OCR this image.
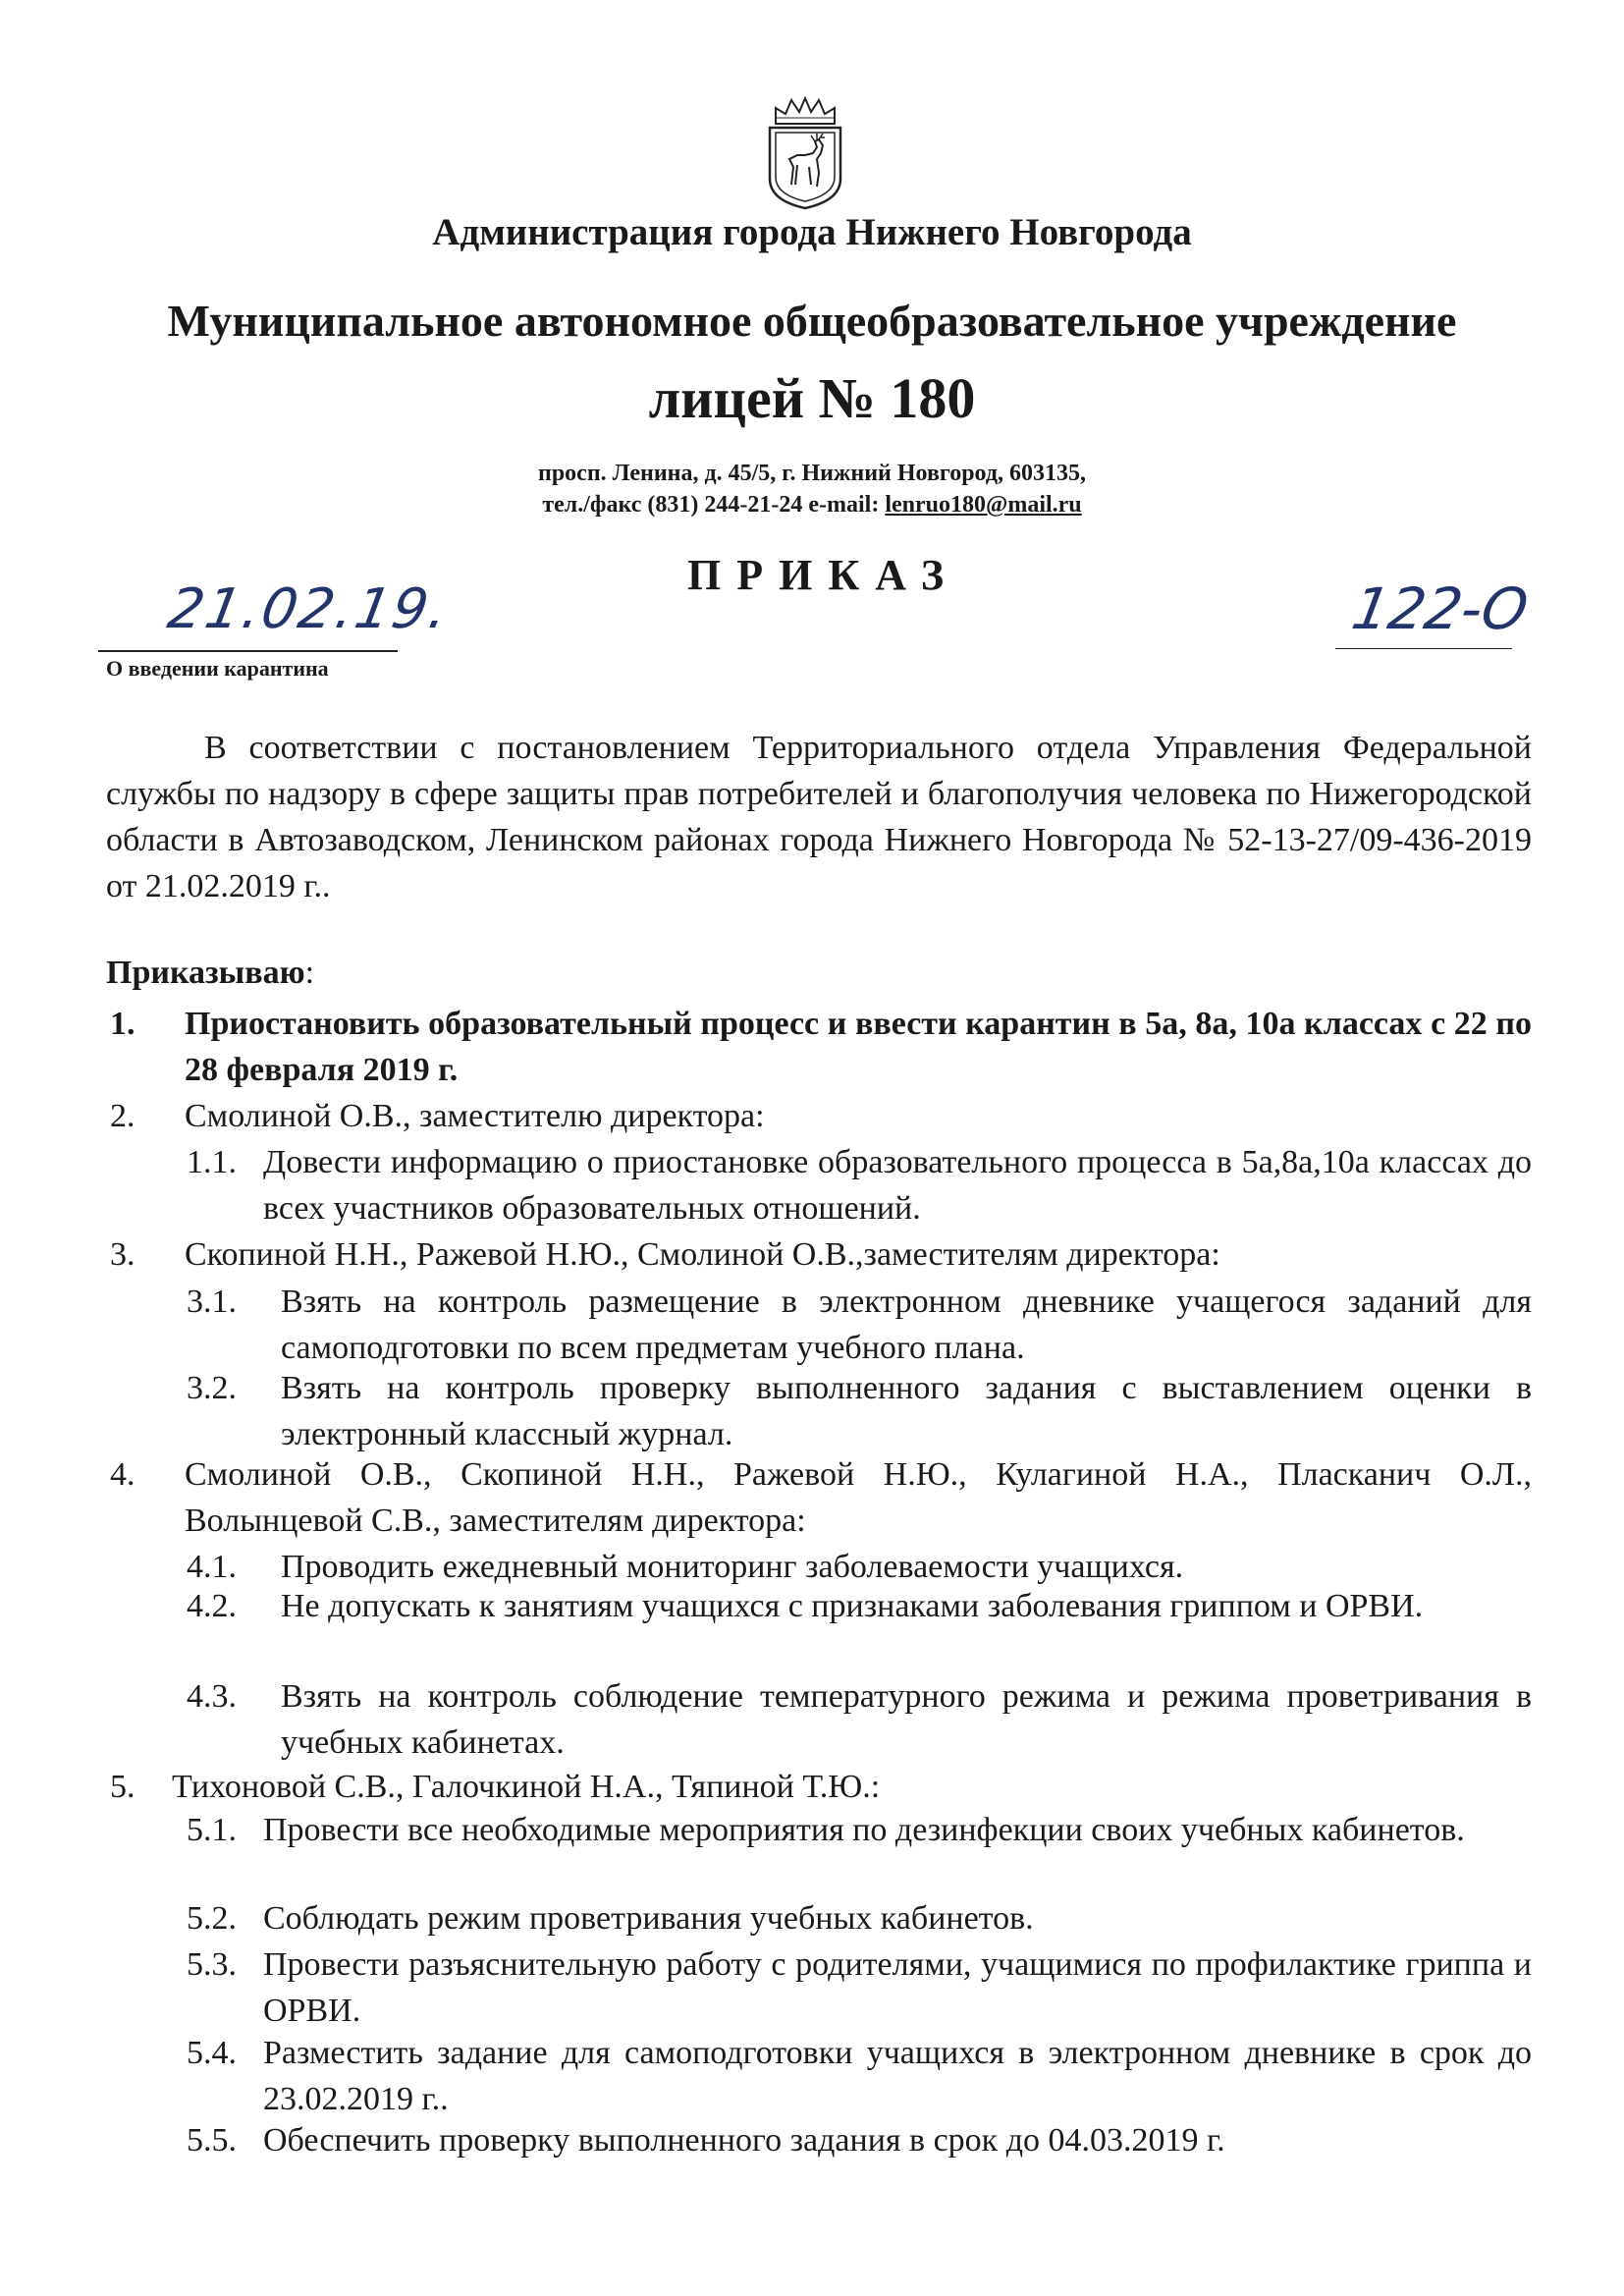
Администрация города Нижнего Новгорода
Муниципальное автономное общеобразовательное учреждение
лицей № 180
просп. Ленина, д. 45/5, г. Нижний Новгород, 603135,
тел./факс (831) 244-21-24 e-mail: lenruo180@mail.ru
ПРИКАЗ
21.02.19.	122-О
О введении карантина
В соответствии с постановлением Территориального отдела Управления Федеральной службы по надзору в сфере защиты прав потребителей и благополучия человека по Нижегородской области в Автозаводском, Ленинском районах города Нижнего Новгорода № 52-13-27/09-436-2019 от 21.02.2019 г..
Приказываю:
1. Приостановить образовательный процесс и ввести карантин в 5а, 8а, 10а классах с 22 по 28 февраля 2019 г.
2. Смолиной О.В., заместителю директора:
1.1. Довести информацию о приостановке образовательного процесса в 5а,8а,10а классах до всех участников образовательных отношений.
3. Скопиной Н.Н., Ражевой Н.Ю., Смолиной О.В.,заместителям директора:
3.1. Взять на контроль размещение в электронном дневнике учащегося заданий для самоподготовки по всем предметам учебного плана.
3.2. Взять на контроль проверку выполненного задания с выставлением оценки в электронный классный журнал.
4. Смолиной О.В., Скопиной Н.Н., Ражевой Н.Ю., Кулагиной Н.А., Пласканич О.Л., Волынцевой С.В., заместителям директора:
4.1. Проводить ежедневный мониторинг заболеваемости учащихся.
4.2. Не допускать к занятиям учащихся с признаками заболевания гриппом и ОРВИ.
4.3. Взять на контроль соблюдение температурного режима и режима проветривания в учебных кабинетах.
5. Тихоновой С.В., Галочкиной Н.А., Тяпиной Т.Ю.:
5.1. Провести все необходимые мероприятия по дезинфекции своих учебных кабинетов.
5.2. Соблюдать режим проветривания учебных кабинетов.
5.3. Провести разъяснительную работу с родителями, учащимися по профилактике гриппа и ОРВИ.
5.4. Разместить задание для самоподготовки учащихся в электронном дневнике в срок до 23.02.2019 г..
5.5. Обеспечить проверку выполненного задания в срок до 04.03.2019 г.
